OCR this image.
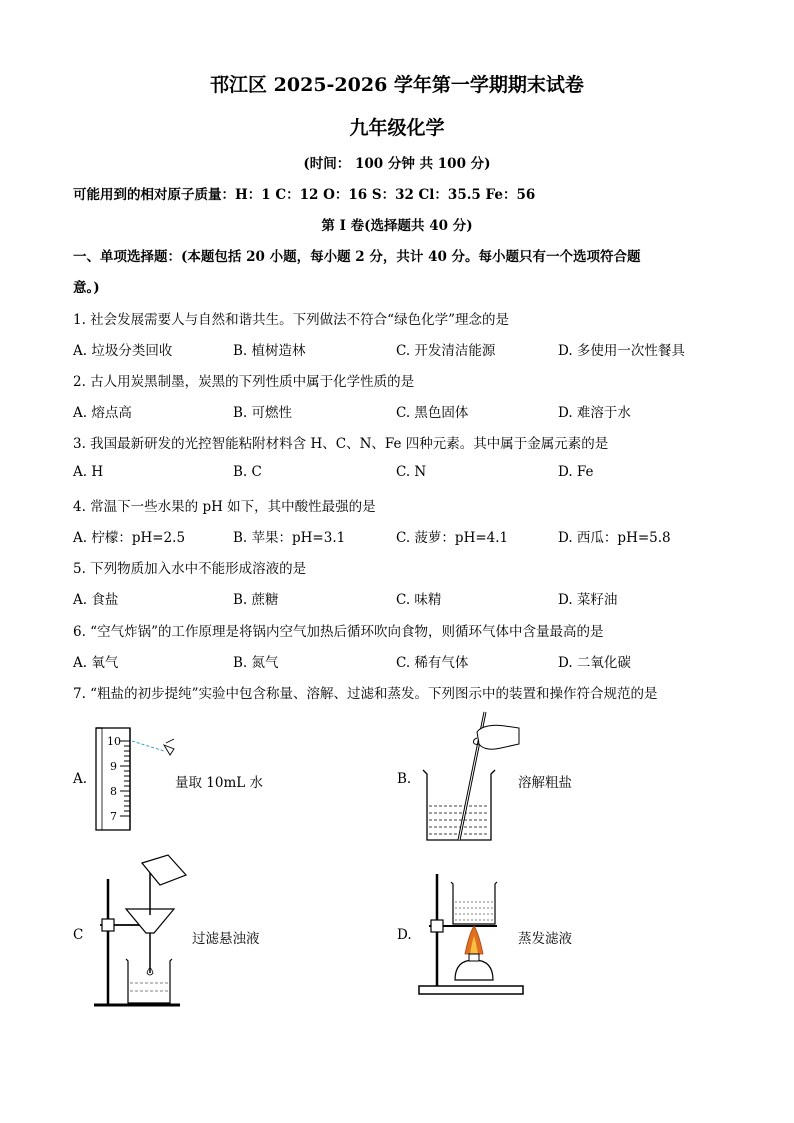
邗江区 2025-2026 学年第一学期期末试卷
九年级化学
(时间： 100 分钟 共 100 分)
可能用到的相对原子质量：H：1 C：12 O：16 S：32 Cl：35.5 Fe：56
第 I 卷(选择题共 40 分)
一、单项选择题：(本题包括 20 小题，每小题 2 分，共计 40 分。每小题只有一个选项符合题
意。)
1. 社会发展需要人与自然和谐共生。下列做法不符合“绿色化学”理念的是
A. 垃圾分类回收	B. 植树造林	C. 开发清洁能源	D. 多使用一次性餐具
2. 古人用炭黑制墨，炭黑的下列性质中属于化学性质的是
A. 熔点高	B. 可燃性	C. 黑色固体	D. 难溶于水
3. 我国最新研发的光控智能粘附材料含 H、C、N、Fe 四种元素。其中属于金属元素的是
A. H	B. C	C. N	D. Fe
4. 常温下一些水果的 pH 如下，其中酸性最强的是
A. 柠檬：pH=2.5	B. 苹果：pH=3.1	C. 菠萝：pH=4.1	D. 西瓜：pH=5.8
5. 下列物质加入水中不能形成溶液的是
A. 食盐	B. 蔗糖	C. 味精	D. 菜籽油
6. “空气炸锅”的工作原理是将锅内空气加热后循环吹向食物，则循环气体中含量最高的是
A. 氧气	B. 氮气	C. 稀有气体	D. 二氧化碳
7. “粗盐的初步提纯”实验中包含称量、溶解、过滤和蒸发。下列图示中的装置和操作符合规范的是
A.
10
9
8
7
量取 10mL 水	B.	溶解粗盐
C	过滤悬浊液	D.	蒸发滤液
